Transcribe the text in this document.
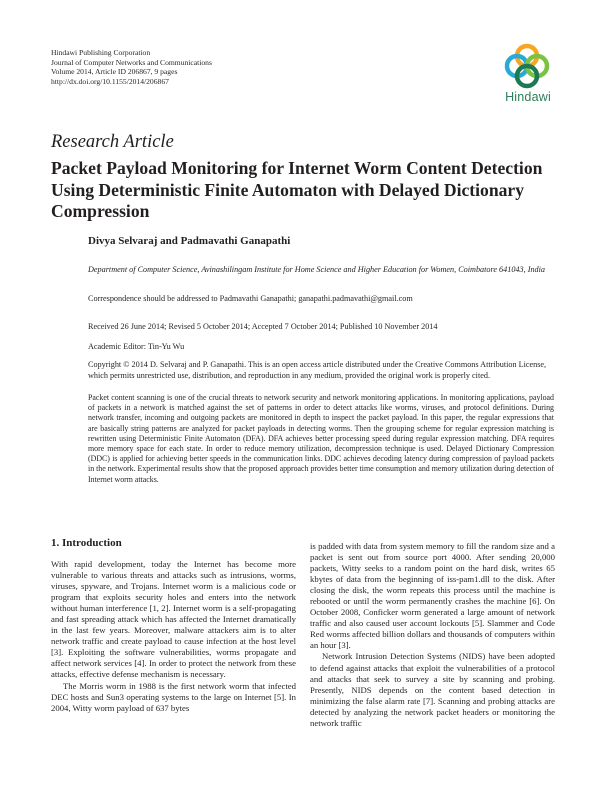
Hindawi Publishing Corporation
Journal of Computer Networks and Communications
Volume 2014, Article ID 206867, 9 pages
http://dx.doi.org/10.1155/2014/206867
Hindawi
Research Article
Packet Payload Monitoring for Internet Worm Content Detection Using Deterministic Finite Automaton with Delayed Dictionary Compression
Divya Selvaraj and Padmavathi Ganapathi
Department of Computer Science, Avinashilingam Institute for Home Science and Higher Education for Women, Coimbatore 641043, India
Correspondence should be addressed to Padmavathi Ganapathi; ganapathi.padmavathi@gmail.com
Received 26 June 2014; Revised 5 October 2014; Accepted 7 October 2014; Published 10 November 2014
Academic Editor: Tin-Yu Wu
Copyright © 2014 D. Selvaraj and P. Ganapathi. This is an open access article distributed under the Creative Commons Attribution License, which permits unrestricted use, distribution, and reproduction in any medium, provided the original work is properly cited.
Packet content scanning is one of the crucial threats to network security and network monitoring applications. In monitoring applications, payload of packets in a network is matched against the set of patterns in order to detect attacks like worms, viruses, and protocol definitions. During network transfer, incoming and outgoing packets are monitored in depth to inspect the packet payload. In this paper, the regular expressions that are basically string patterns are analyzed for packet payloads in detecting worms. Then the grouping scheme for regular expression matching is rewritten using Deterministic Finite Automaton (DFA). DFA achieves better processing speed during regular expression matching. DFA requires more memory space for each state. In order to reduce memory utilization, decompression technique is used. Delayed Dictionary Compression (DDC) is applied for achieving better speeds in the communication links. DDC achieves decoding latency during compression of payload packets in the network. Experimental results show that the proposed approach provides better time consumption and memory utilization during detection of Internet worm attacks.
1. Introduction

With rapid development, today the Internet has become more vulnerable to various threats and attacks such as intrusions, worms, viruses, spyware, and Trojans. Internet worm is a malicious code or program that exploits security holes and enters into the network without human interference [1, 2]. Internet worm is a self-propagating and fast spreading attack which has affected the Internet dramatically in the last few years. Moreover, malware attackers aim is to alter network traffic and create payload to cause infection at the host level [3]. Exploiting the software vulnerabilities, worms propagate and affect network services [4]. In order to protect the network from these attacks, effective defense mechanism is necessary.

The Morris worm in 1988 is the first network worm that infected DEC hosts and Sun3 operating systems to the large on Internet [5]. In 2004, Witty worm payload of 637 bytes

is padded with data from system memory to fill the random size and a packet is sent out from source port 4000. After sending 20,000 packets, Witty seeks to a random point on the hard disk, writes 65 kbytes of data from the beginning of iss-pam1.dll to the disk. After closing the disk, the worm repeats this process until the machine is rebooted or until the worm permanently crashes the machine [6]. On October 2008, Conficker worm generated a large amount of network traffic and also caused user account lockouts [5]. Slammer and Code Red worms affected billion dollars and thousands of computers within an hour [3].

Network Intrusion Detection Systems (NIDS) have been adopted to defend against attacks that exploit the vulnerabilities of a protocol and attacks that seek to survey a site by scanning and probing. Presently, NIDS depends on the content based detection in minimizing the false alarm rate [7]. Scanning and probing attacks are detected by analyzing the network packet headers or monitoring the network traffic
